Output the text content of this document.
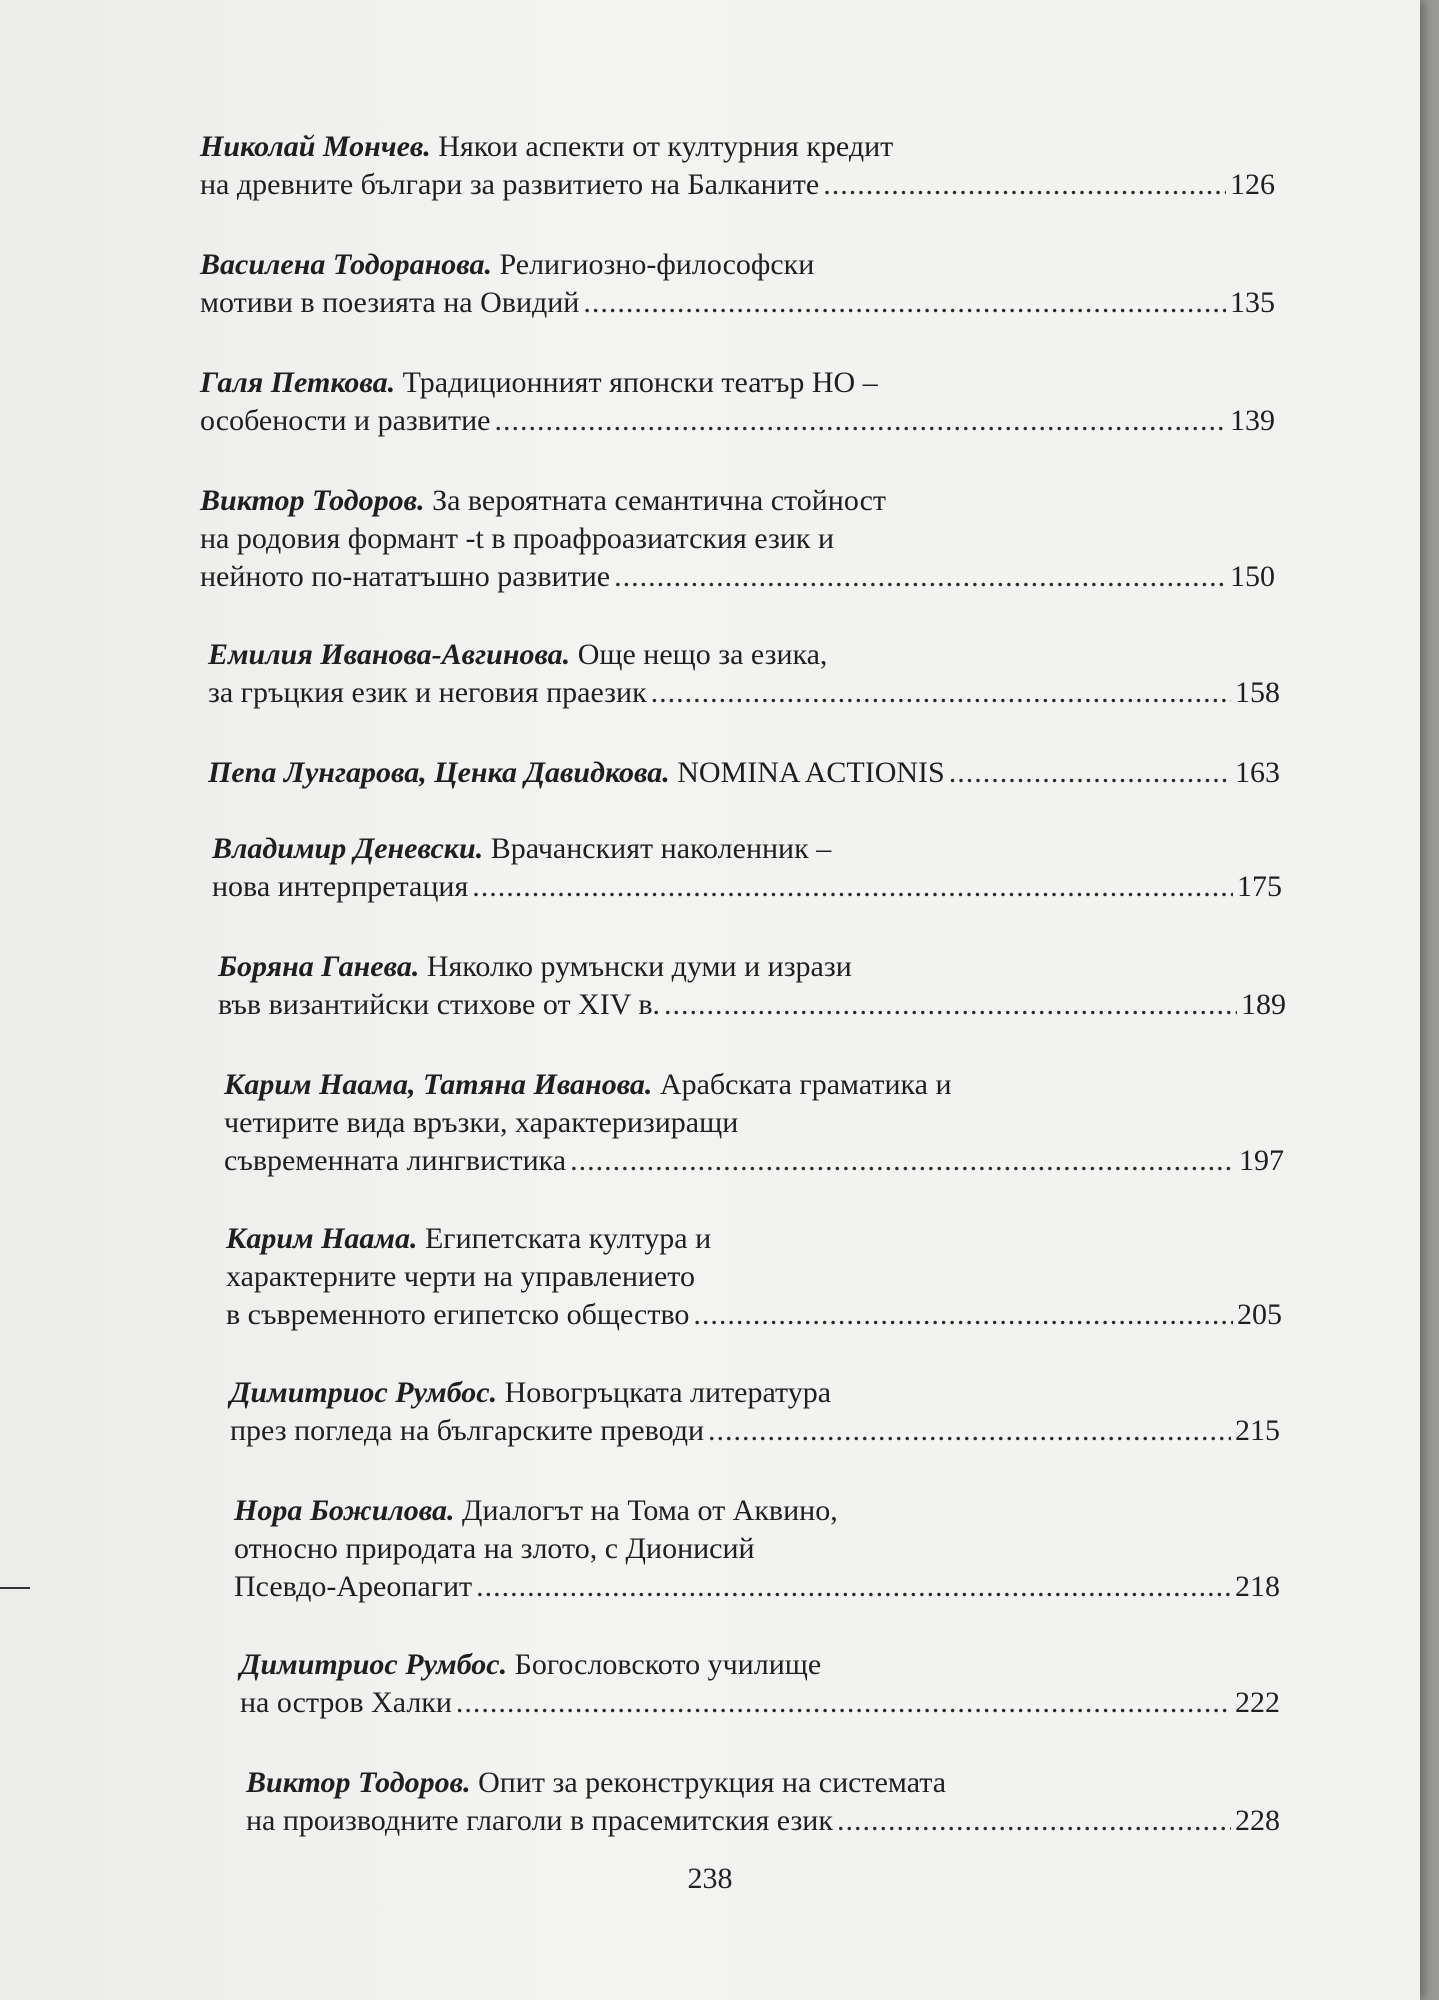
Николай Мончев. Някои аспекти от културния кредит
на древните българи за развитието на Балканите .....	126
Василена Тодоранова. Религиозно-философски
мотиви в поезията на Овидий .....	135
Галя Петкова. Традиционният японски театър НО –
особености и развитие .....	139
Виктор Тодоров. За вероятната семантична стойност
на родовия формант -t в проафроазиатския език и
нейното по-нататъшно развитие .....	150
Емилия Иванова-Авгинова. Още нещо за езика,
за гръцкия език и неговия праезик .....	158
Пепа Лунгарова, Ценка Давидкова. NOMINA ACTIONIS .....	163
Владимир Деневски. Врачанският наколенник –
нова интерпретация .....	175
Боряна Ганева. Няколко румънски думи и изрази
във византийски стихове от XIV в. .....	189
Карим Наама, Татяна Иванова. Арабската граматика и
четирите вида връзки, характеризиращи
съвременната лингвистика .....	197
Карим Наама. Египетската култура и
характерните черти на управлението
в съвременното египетско общество .....	205
Димитриос Румбос. Новогръцката литература
през погледа на българските преводи .....	215
Нора Божилова. Диалогът на Тома от Аквино,
относно природата на злото, с Дионисий
Псевдо-Ареопагит .....	218
Димитриос Румбос. Богословското училище
на остров Халки .....	222
Виктор Тодоров. Опит за реконструкция на системата
на производните глаголи в прасемитския език .....	228
238
